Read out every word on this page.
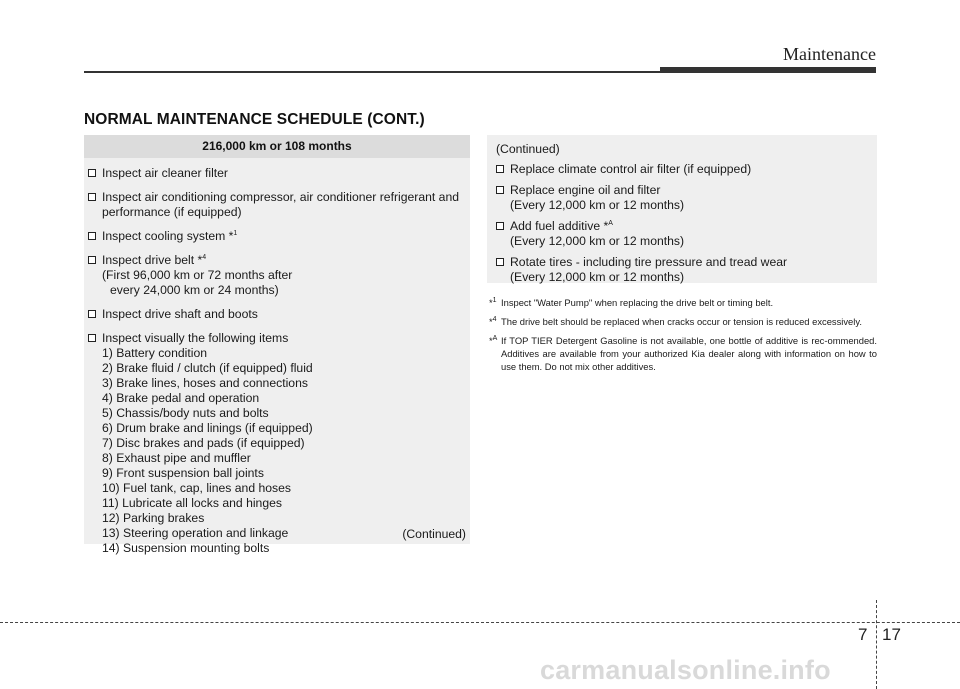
Maintenance
NORMAL MAINTENANCE SCHEDULE (CONT.)
216,000 km or 108 months
Inspect air cleaner filter
Inspect air conditioning compressor, air conditioner refrigerant and
performance (if equipped)
Inspect cooling system *$^1$
Inspect drive belt *$^4$
(First 96,000 km or 72 months after
every 24,000 km or 24 months)
Inspect drive shaft and boots
Inspect visually the following items
1) Battery condition
2) Brake fluid / clutch (if equipped) fluid
3) Brake lines, hoses and connections
4) Brake pedal and operation
5) Chassis/body nuts and bolts
6) Drum brake and linings (if equipped)
7) Disc brakes and pads (if equipped)
8) Exhaust pipe and muffler
9) Front suspension ball joints
10) Fuel tank, cap, lines and hoses
11) Lubricate all locks and hinges
12) Parking brakes
13) Steering operation and linkage
14) Suspension mounting bolts
(Continued)
(Continued)
Replace climate control air filter (if equipped)
Replace engine oil and filter
(Every 12,000 km or 12 months)
Add fuel additive *$^A$
(Every 12,000 km or 12 months)
Rotate tires - including tire pressure and tread wear
(Every 12,000 km or 12 months)
*$^1$ Inspect "Water Pump" when replacing the drive belt or timing belt.
*$^4$ The drive belt should be replaced when cracks occur or tension is reduced excessively.
*$^A$ If TOP TIER Detergent Gasoline is not available, one bottle of additive is rec-ommended. Additives are available from your authorized Kia dealer along with information on how to use them. Do not mix other additives.
7 17
carmanualsonline.info
